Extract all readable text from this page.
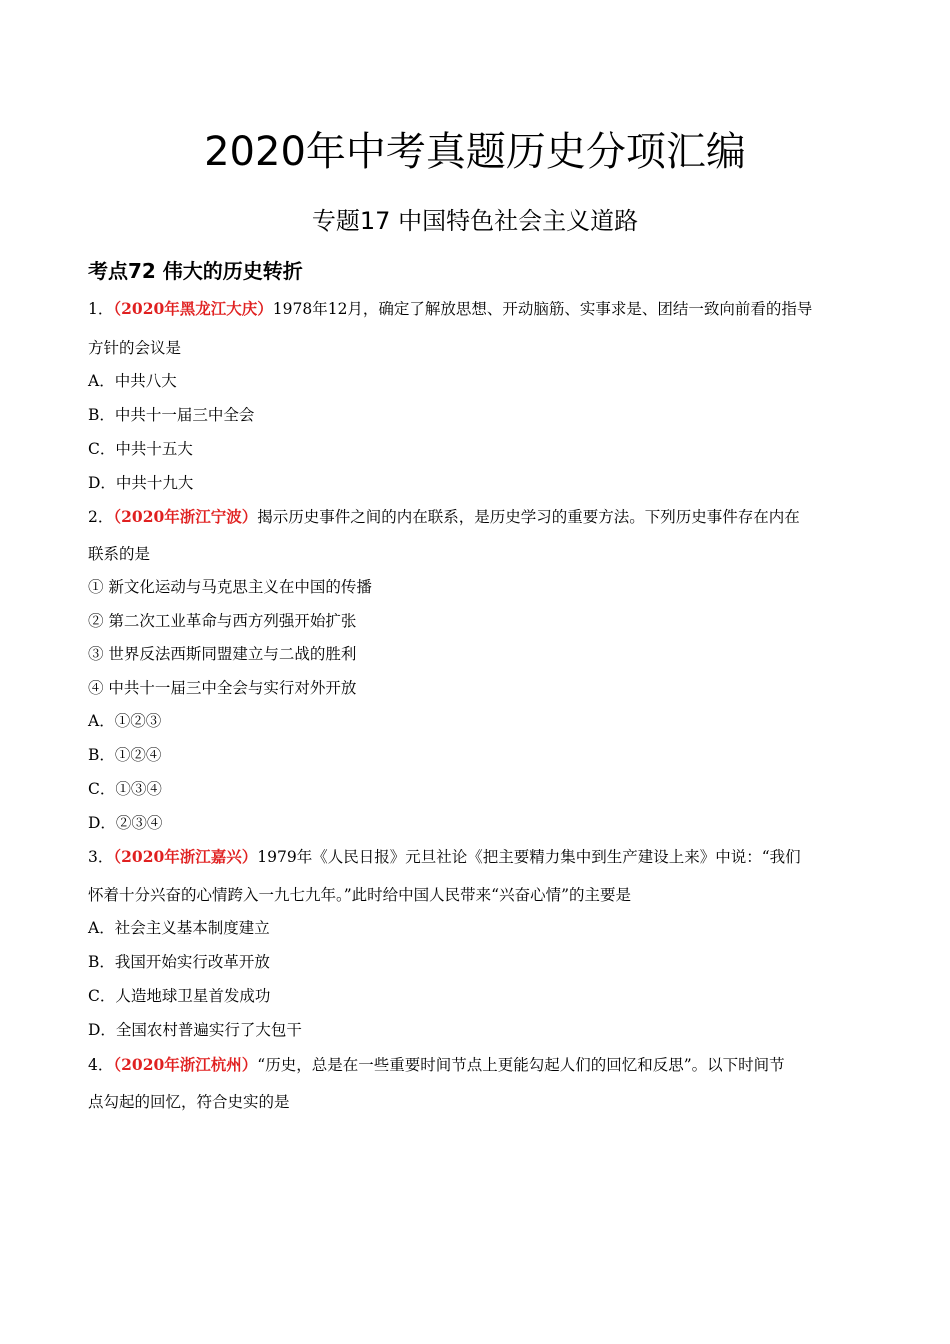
2020年中考真题历史分项汇编
专题17 中国特色社会主义道路
考点72 伟大的历史转折
1．（2020年黑龙江大庆）1978年12月，确定了解放思想、开动脑筋、实事求是、团结一致向前看的指导
方针的会议是
A．中共八大
B．中共十一届三中全会
C．中共十五大
D．中共十九大
2．（2020年浙江宁波）揭示历史事件之间的内在联系，是历史学习的重要方法。下列历史事件存在内在
联系的是
① 新文化运动与马克思主义在中国的传播
② 第二次工业革命与西方列强开始扩张
③ 世界反法西斯同盟建立与二战的胜利
④ 中共十一届三中全会与实行对外开放
A．①②③
B．①②④
C．①③④
D．②③④
3．（2020年浙江嘉兴）1979年《人民日报》元旦社论《把主要精力集中到生产建设上来》中说：“我们
怀着十分兴奋的心情跨入一九七九年。”此时给中国人民带来“兴奋心情”的主要是
A．社会主义基本制度建立
B．我国开始实行改革开放
C．人造地球卫星首发成功
D．全国农村普遍实行了大包干
4．（2020年浙江杭州）“历史，总是在一些重要时间节点上更能勾起人们的回忆和反思”。以下时间节
点勾起的回忆，符合史实的是
